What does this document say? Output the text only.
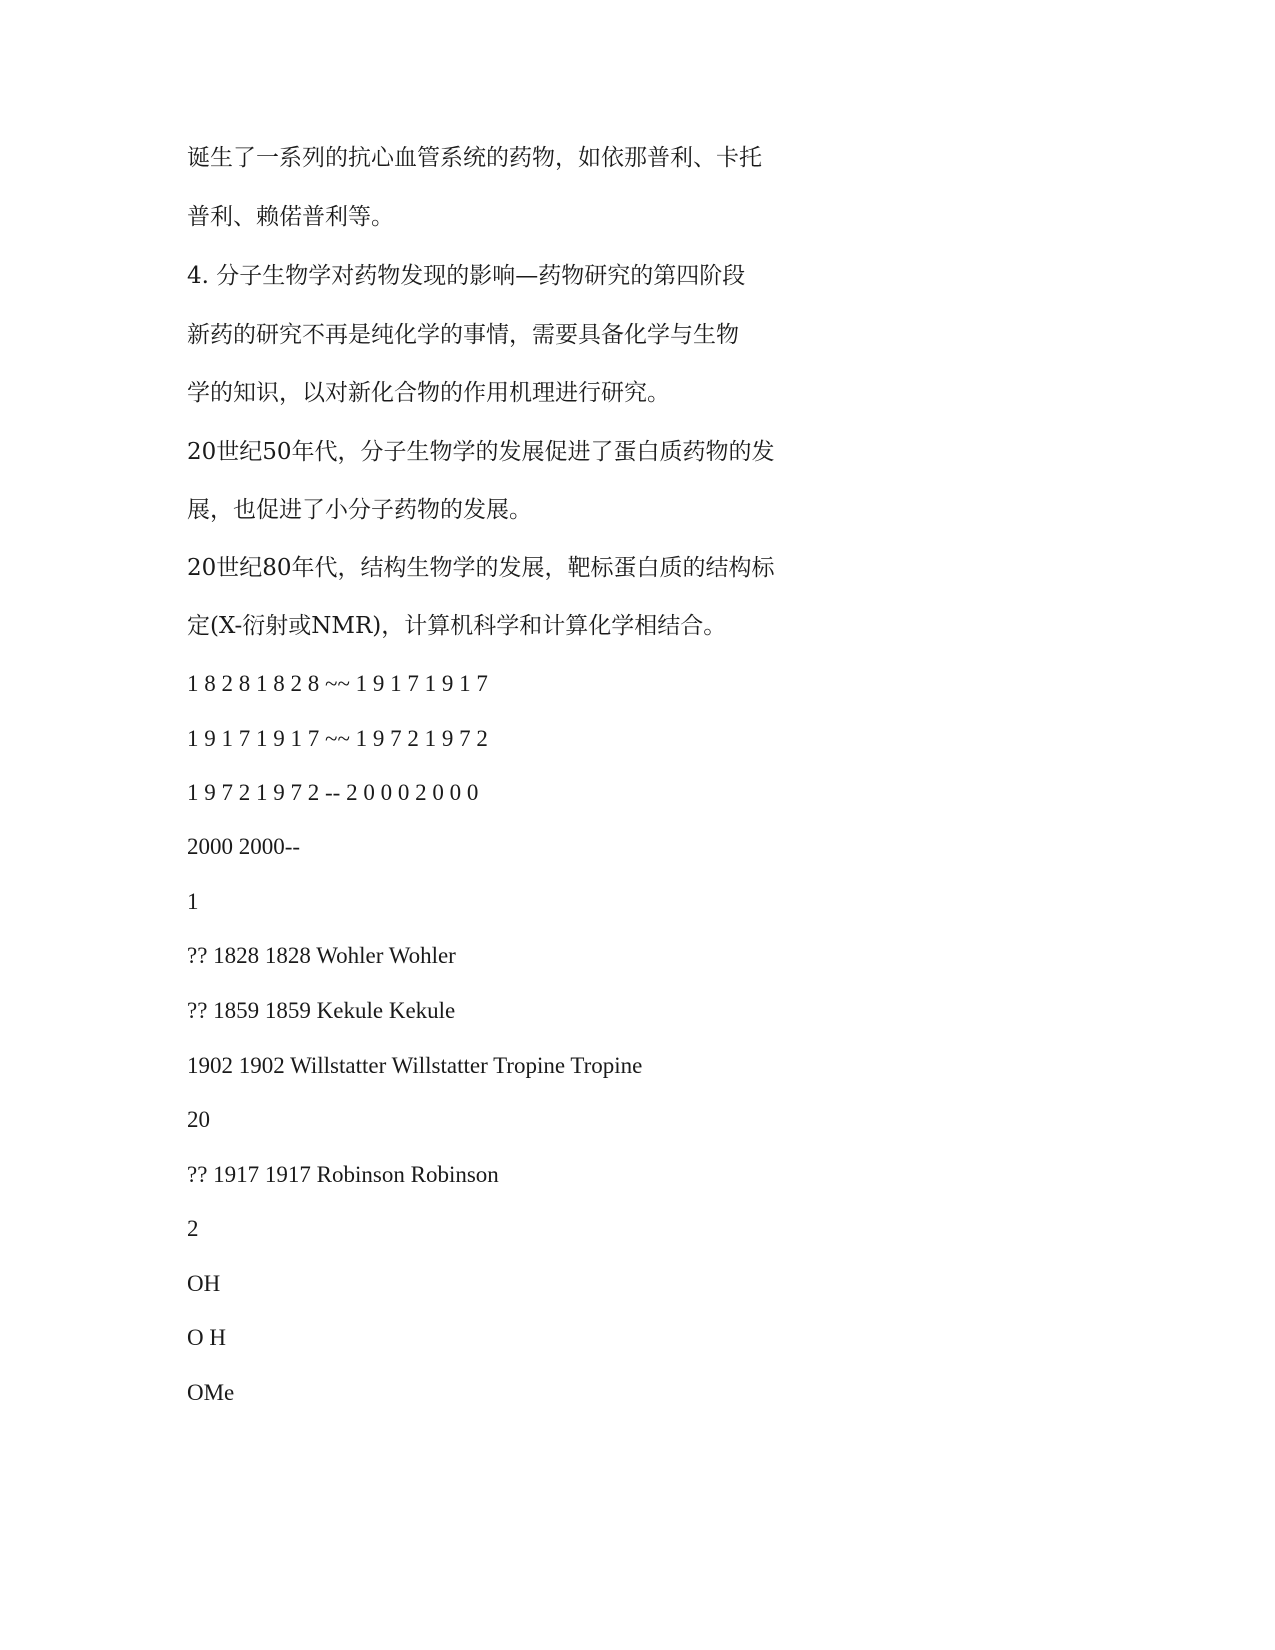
诞生了一系列的抗心血管系统的药物，如依那普利、卡托
普利、赖偌普利等。
4. 分子生物学对药物发现的影响—药物研究的第四阶段
新药的研究不再是纯化学的事情，需要具备化学与生物
学的知识，以对新化合物的作用机理进行研究。
20世纪50年代，分子生物学的发展促进了蛋白质药物的发
展，也促进了小分子药物的发展。
20世纪80年代，结构生物学的发展，靶标蛋白质的结构标
定(X-衍射或NMR)，计算机科学和计算化学相结合。
1 8 2 8 1 8 2 8 ~~ 1 9 1 7 1 9 1 7
1 9 1 7 1 9 1 7 ~~ 1 9 7 2 1 9 7 2
1 9 7 2 1 9 7 2 -- 2 0 0 0 2 0 0 0
2000 2000--
1
?? 1828 1828 Wohler Wohler
?? 1859 1859 Kekule Kekule
1902 1902 Willstatter Willstatter Tropine Tropine
20
?? 1917 1917 Robinson Robinson
2
OH
O H
OMe
